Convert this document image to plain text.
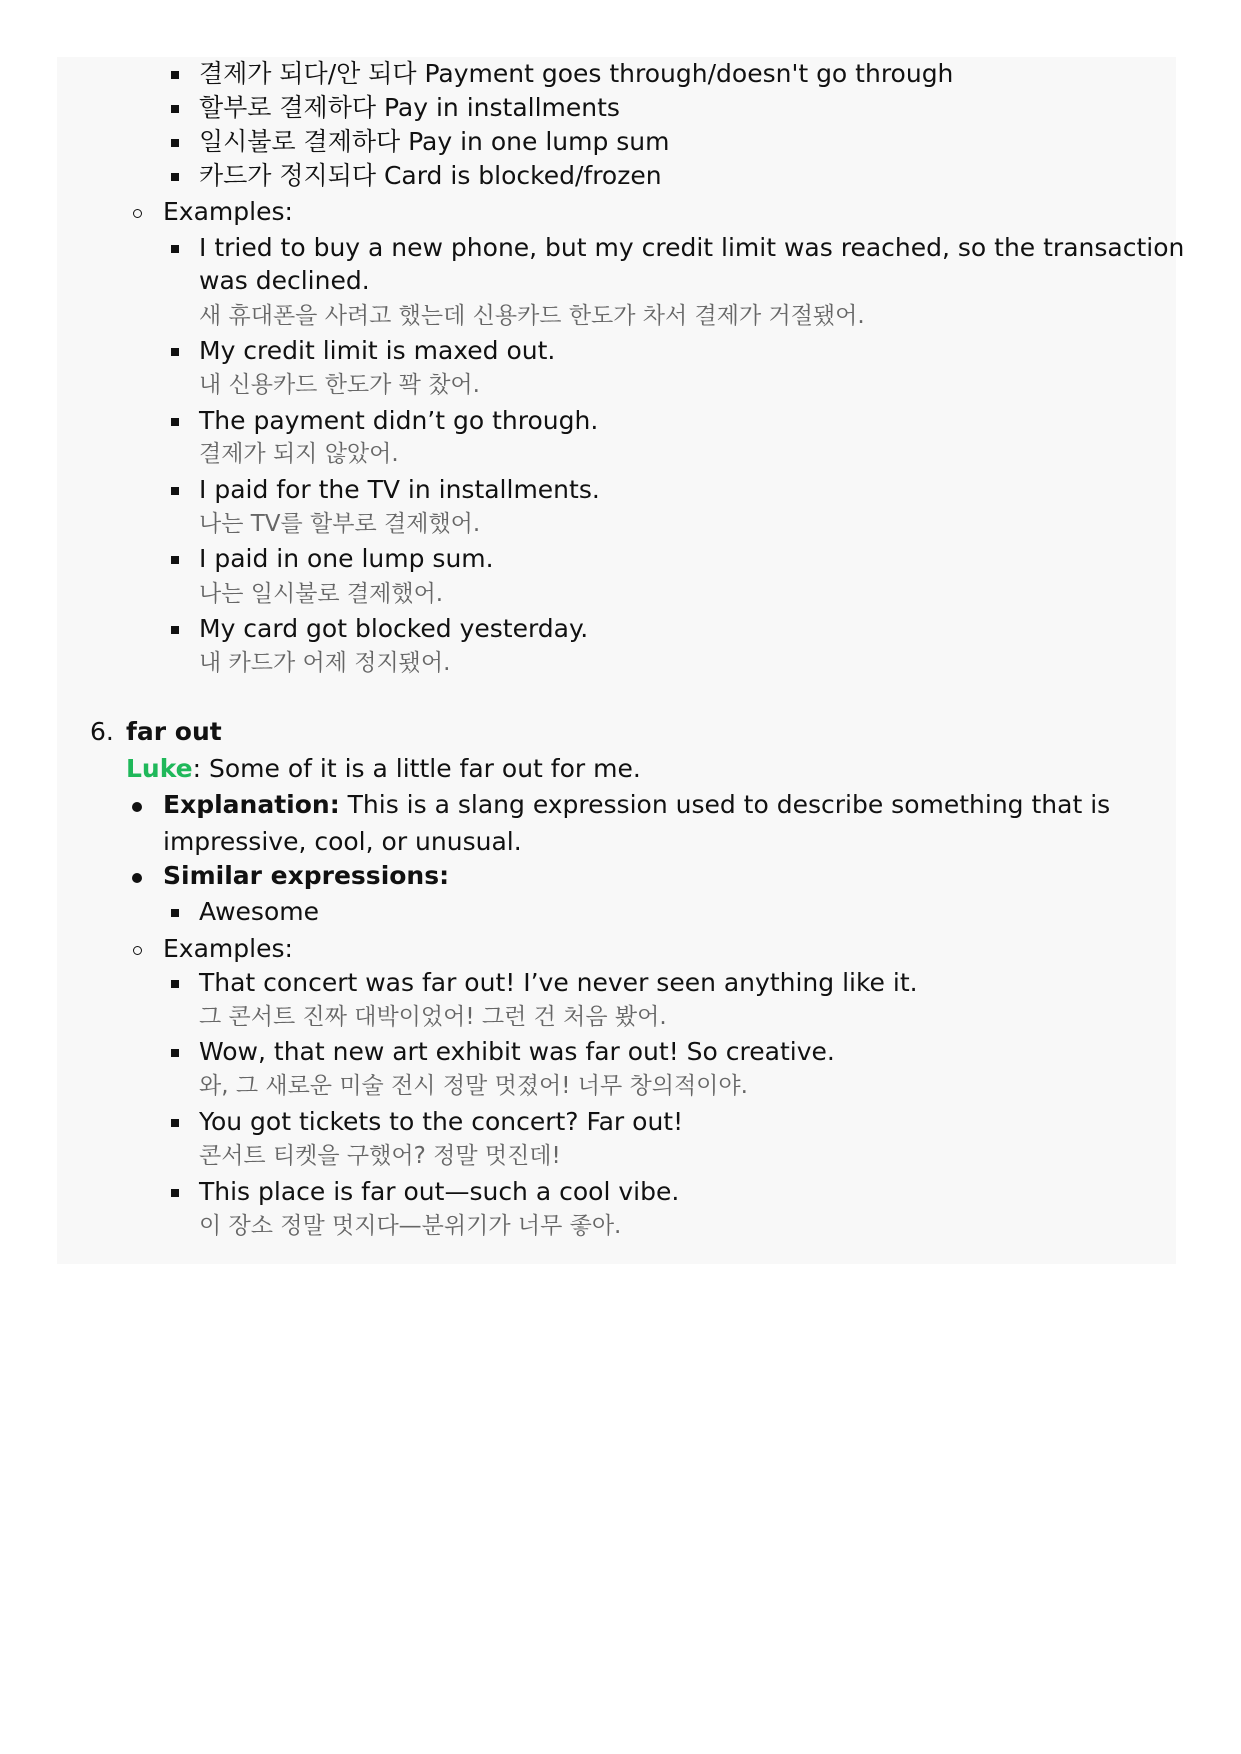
결제가 되다/안 되다 Payment goes through/doesn't go through
할부로 결제하다 Pay in installments
일시불로 결제하다 Pay in one lump sum
카드가 정지되다 Card is blocked/frozen
Examples:
I tried to buy a new phone, but my credit limit was reached, so the transaction
was declined.
새 휴대폰을 사려고 했는데 신용카드 한도가 차서 결제가 거절됐어.
My credit limit is maxed out.
내 신용카드 한도가 꽉 찼어.
The payment didn’t go through.
결제가 되지 않았어.
I paid for the TV in installments.
나는 TV를 할부로 결제했어.
I paid in one lump sum.
나는 일시불로 결제했어.
My card got blocked yesterday.
내 카드가 어제 정지됐어.
6. far out
Luke: Some of it is a little far out for me.
Explanation: This is a slang expression used to describe something that is
impressive, cool, or unusual.
Similar expressions:
Awesome
Examples:
That concert was far out! I’ve never seen anything like it.
그 콘서트 진짜 대박이었어! 그런 건 처음 봤어.
Wow, that new art exhibit was far out! So creative.
와, 그 새로운 미술 전시 정말 멋졌어! 너무 창의적이야.
You got tickets to the concert? Far out!
콘서트 티켓을 구했어? 정말 멋진데!
This place is far out—such a cool vibe.
이 장소 정말 멋지다—분위기가 너무 좋아.
